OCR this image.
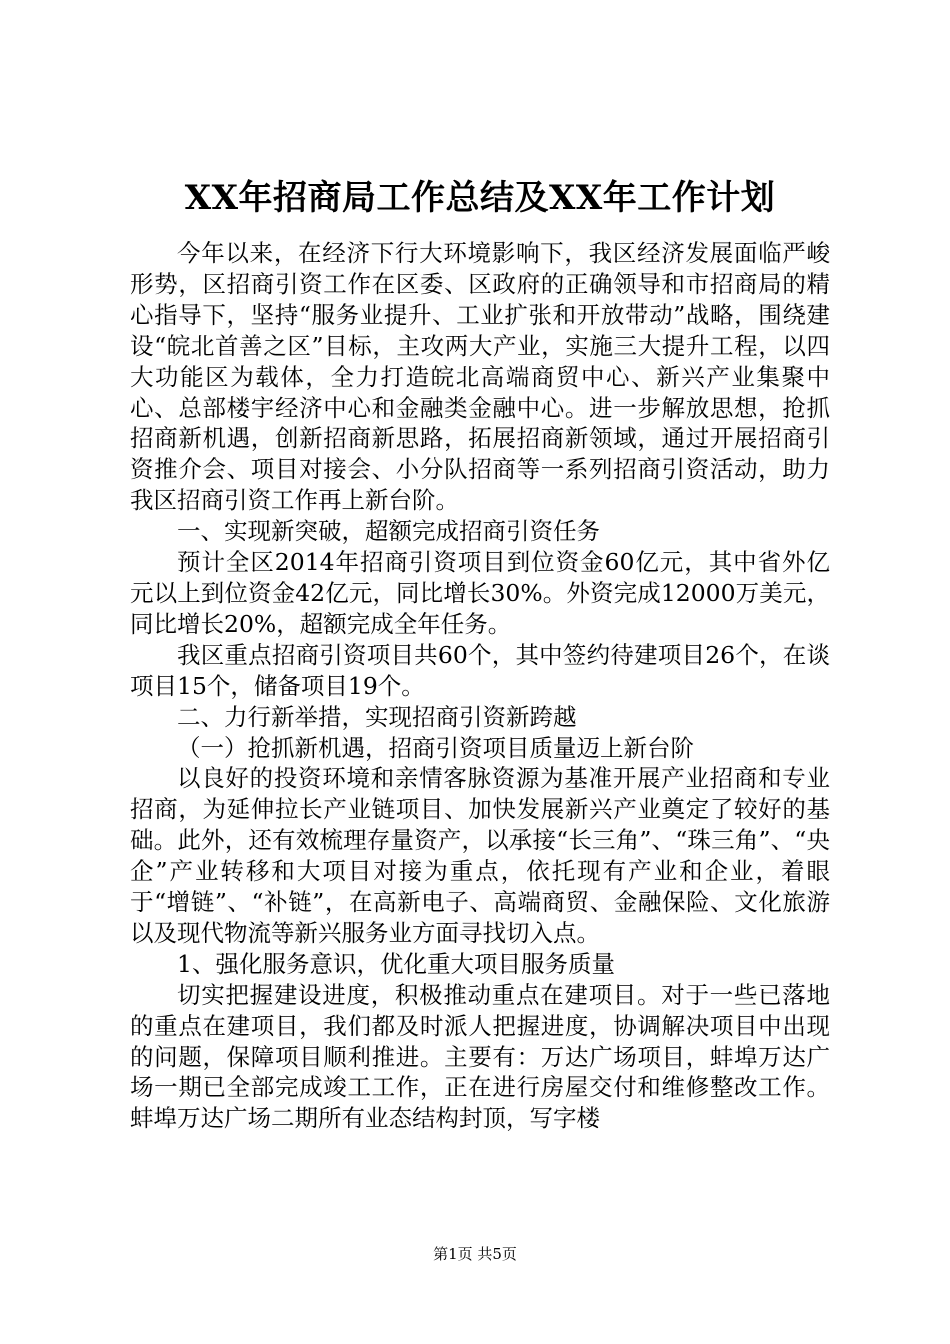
XX年招商局工作总结及XX年工作计划

今年以来，在经济下行大环境影响下，我区经济发展面临严峻形势，区招商引资工作在区委、区政府的正确领导和市招商局的精心指导下，坚持“服务业提升、工业扩张和开放带动”战略，围绕建设“皖北首善之区”目标，主攻两大产业，实施三大提升工程，以四大功能区为载体，全力打造皖北高端商贸中心、新兴产业集聚中心、总部楼宇经济中心和金融类金融中心。进一步解放思想，抢抓招商新机遇，创新招商新思路，拓展招商新领域，通过开展招商引资推介会、项目对接会、小分队招商等一系列招商引资活动，助力我区招商引资工作再上新台阶。

一、实现新突破，超额完成招商引资任务

预计全区2014年招商引资项目到位资金60亿元，其中省外亿元以上到位资金42亿元，同比增长30%。外资完成12000万美元，同比增长20%，超额完成全年任务。

我区重点招商引资项目共60个，其中签约待建项目26个，在谈项目15个，储备项目19个。

二、力行新举措，实现招商引资新跨越

（一）抢抓新机遇，招商引资项目质量迈上新台阶

以良好的投资环境和亲情客脉资源为基准开展产业招商和专业招商，为延伸拉长产业链项目、加快发展新兴产业奠定了较好的基础。此外，还有效梳理存量资产，以承接“长三角”、“珠三角”、“央企”产业转移和大项目对接为重点，依托现有产业和企业，着眼于“增链”、“补链”，在高新电子、高端商贸、金融保险、文化旅游以及现代物流等新兴服务业方面寻找切入点。

1、强化服务意识，优化重大项目服务质量

切实把握建设进度，积极推动重点在建项目。对于一些已落地的重点在建项目，我们都及时派人把握进度，协调解决项目中出现的问题，保障项目顺利推进。主要有：万达广场项目，蚌埠万达广场一期已全部完成竣工工作，正在进行房屋交付和维修整改工作。蚌埠万达广场二期所有业态结构封顶，写字楼

第1页 共5页
